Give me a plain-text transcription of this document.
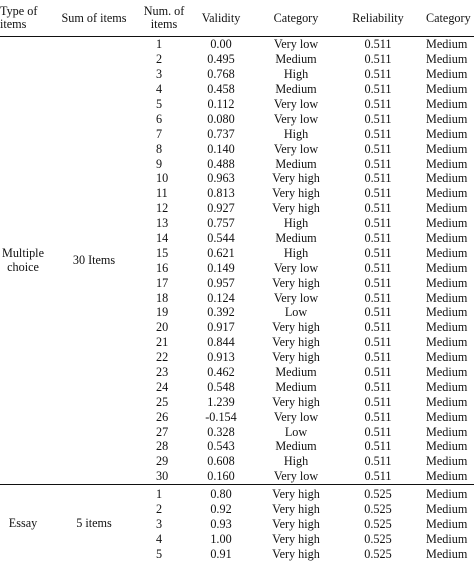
Type of items	Sum of items	Num. of items	Validity	Category	Reliability	Category
Multiple choice	30 Items	1	0.00	Very low	0.511	Medium
		2	0.495	Medium	0.511	Medium
		3	0.768	High	0.511	Medium
		4	0.458	Medium	0.511	Medium
		5	0.112	Very low	0.511	Medium
		6	0.080	Very low	0.511	Medium
		7	0.737	High	0.511	Medium
		8	0.140	Very low	0.511	Medium
		9	0.488	Medium	0.511	Medium
		10	0.963	Very high	0.511	Medium
		11	0.813	Very high	0.511	Medium
		12	0.927	Very high	0.511	Medium
		13	0.757	High	0.511	Medium
		14	0.544	Medium	0.511	Medium
		15	0.621	High	0.511	Medium
		16	0.149	Very low	0.511	Medium
		17	0.957	Very high	0.511	Medium
		18	0.124	Very low	0.511	Medium
		19	0.392	Low	0.511	Medium
		20	0.917	Very high	0.511	Medium
		21	0.844	Very high	0.511	Medium
		22	0.913	Very high	0.511	Medium
		23	0.462	Medium	0.511	Medium
		24	0.548	Medium	0.511	Medium
		25	1.239	Very high	0.511	Medium
		26	-0.154	Very low	0.511	Medium
		27	0.328	Low	0.511	Medium
		28	0.543	Medium	0.511	Medium
		29	0.608	High	0.511	Medium
		30	0.160	Very low	0.511	Medium
Essay	5 items	1	0.80	Very high	0.525	Medium
		2	0.92	Very high	0.525	Medium
		3	0.93	Very high	0.525	Medium
		4	1.00	Very high	0.525	Medium
		5	0.91	Very high	0.525	Medium
